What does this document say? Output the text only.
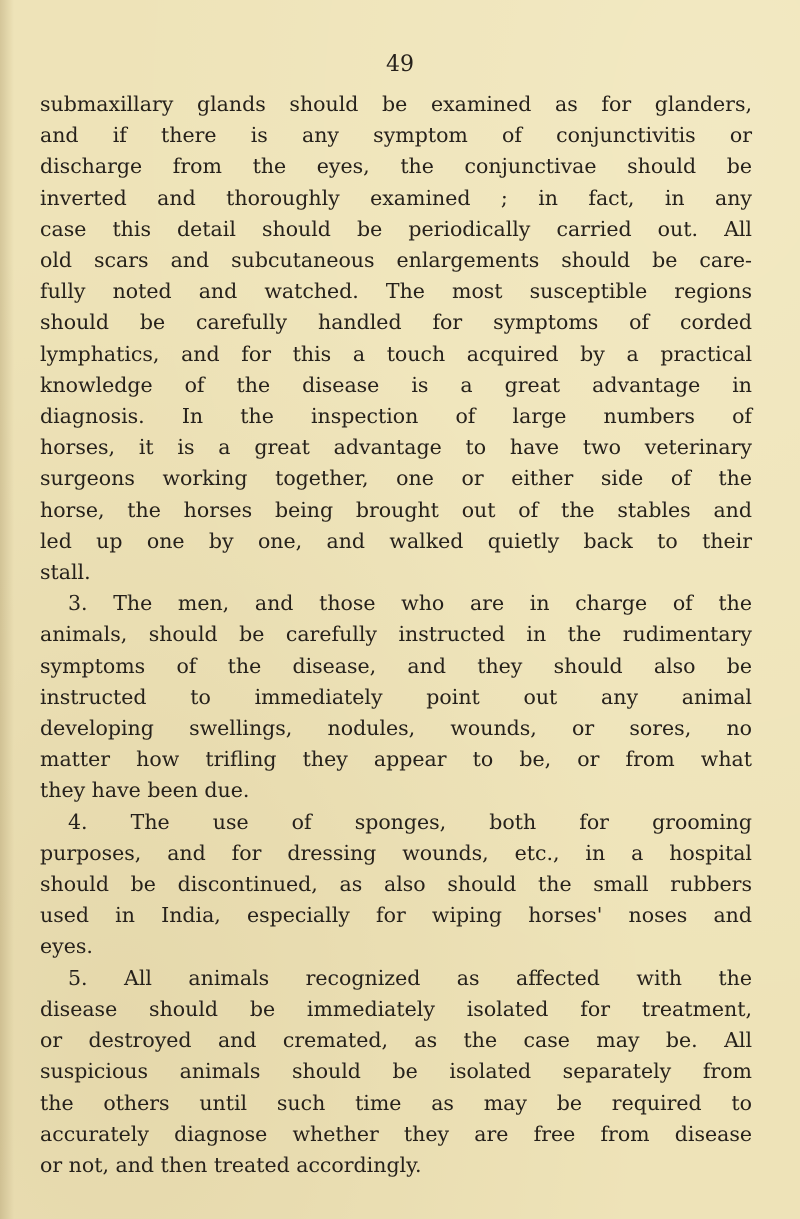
49
submaxillary glands should be examined as for glanders,
and if there is any symptom of conjunctivitis or
discharge from the eyes, the conjunctivae should be
inverted and thoroughly examined ; in fact, in any
case this detail should be periodically carried out. All
old scars and subcutaneous enlargements should be care-
fully noted and watched. The most susceptible regions
should be carefully handled for symptoms of corded
lymphatics, and for this a touch acquired by a practical
knowledge of the disease is a great advantage in
diagnosis. In the inspection of large numbers of
horses, it is a great advantage to have two veterinary
surgeons working together, one or either side of the
horse, the horses being brought out of the stables and
led up one by one, and walked quietly back to their
stall.
3. The men, and those who are in charge of the
animals, should be carefully instructed in the rudimentary
symptoms of the disease, and they should also be
instructed to immediately point out any animal
developing swellings, nodules, wounds, or sores, no
matter how trifling they appear to be, or from what
they have been due.
4. The use of sponges, both for grooming
purposes, and for dressing wounds, etc., in a hospital
should be discontinued, as also should the small rubbers
used in India, especially for wiping horses' noses and
eyes.
5. All animals recognized as affected with the
disease should be immediately isolated for treatment,
or destroyed and cremated, as the case may be. All
suspicious animals should be isolated separately from
the others until such time as may be required to
accurately diagnose whether they are free from disease
or not, and then treated accordingly.
